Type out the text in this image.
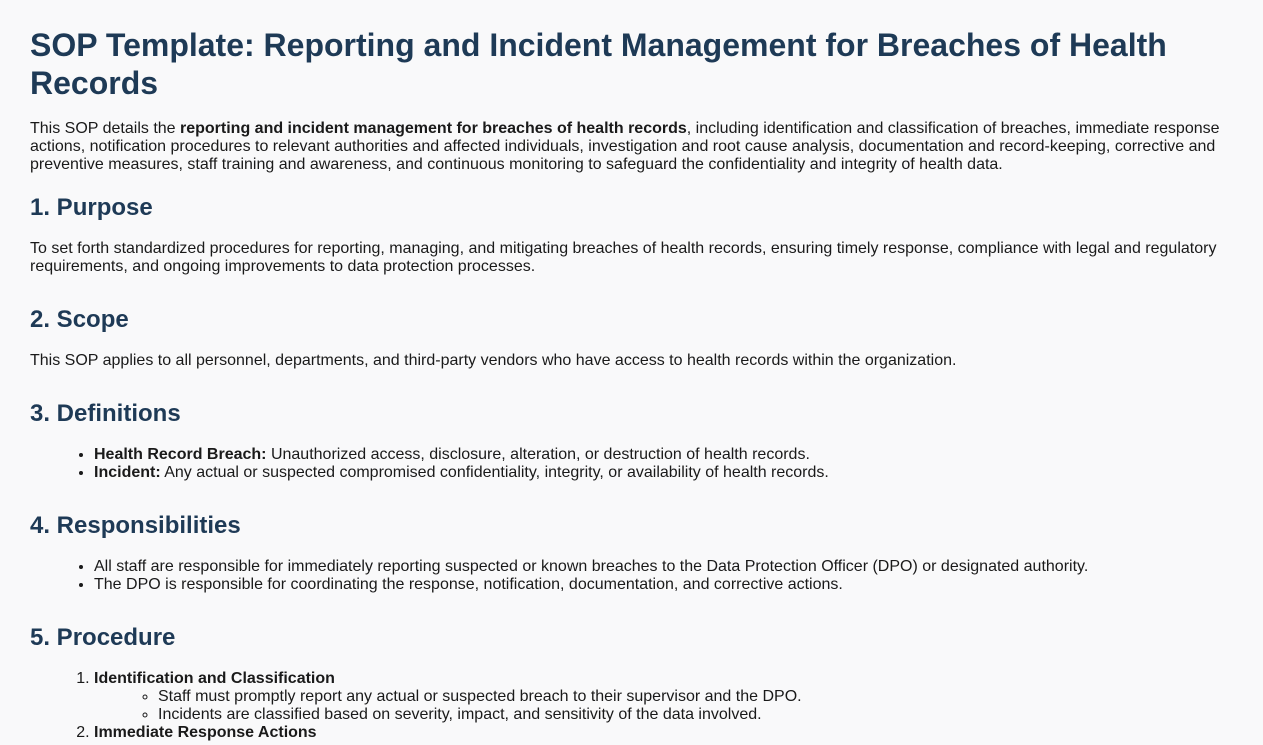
SOP Template: Reporting and Incident Management for Breaches of Health Records

This SOP details the reporting and incident management for breaches of health records, including identification and classification of breaches, immediate response actions, notification procedures to relevant authorities and affected individuals, investigation and root cause analysis, documentation and record-keeping, corrective and preventive measures, staff training and awareness, and continuous monitoring to safeguard the confidentiality and integrity of health data.

1. Purpose

To set forth standardized procedures for reporting, managing, and mitigating breaches of health records, ensuring timely response, compliance with legal and regulatory requirements, and ongoing improvements to data protection processes.

2. Scope

This SOP applies to all personnel, departments, and third-party vendors who have access to health records within the organization.

3. Definitions
• Health Record Breach: Unauthorized access, disclosure, alteration, or destruction of health records.
• Incident: Any actual or suspected compromised confidentiality, integrity, or availability of health records.
4. Responsibilities
• All staff are responsible for immediately reporting suspected or known breaches to the Data Protection Officer (DPO) or designated authority.
• The DPO is responsible for coordinating the response, notification, documentation, and corrective actions.
5. Procedure
1. Identification and Classification
◦ Staff must promptly report any actual or suspected breach to their supervisor and the DPO.
◦ Incidents are classified based on severity, impact, and sensitivity of the data involved.
2. Immediate Response Actions
